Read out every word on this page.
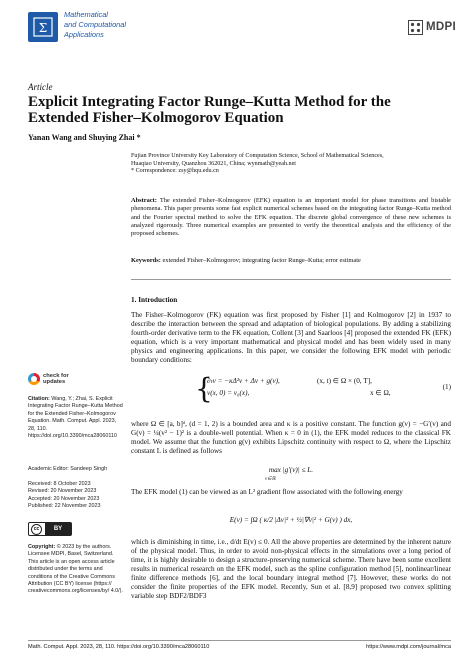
Σ
Mathematical
and Computational
Applications
MDPI
Article
Explicit Integrating Factor Runge–Kutta Method for the Extended Fisher–Kolmogorov Equation
Yanan Wang and Shuying Zhai *
Fujian Province University Key Laboratory of Computation Science, School of Mathematical Sciences,
Huaqiao University, Quanzhou 362021, China; wynmath@yeah.net
* Correspondence: zsy@hqu.edu.cn
Abstract: The extended Fisher–Kolmogorov (EFK) equation is an important model for phase transitions and bistable phenomena. This paper presents some fast explicit numerical schemes based on the integrating factor Runge–Kutta method and the Fourier spectral method to solve the EFK equation. The discrete global convergence of these new schemes is analyzed rigorously. Three numerical examples are presented to verify the theoretical analysis and the efficiency of the proposed schemes.
Keywords: extended Fisher–Kolmogorov; integrating factor Runge–Kutta; error estimate
1. Introduction
The Fisher–Kolmogorov (FK) equation was first proposed by Fisher [1] and Kolmogorov [2] in 1937 to describe the interaction between the spread and adaptation of biological populations. By adding a stabilizing fourth-order derivative term to the FK equation, Collent [3] and Saarloos [4] proposed the extended FK (EFK) equation, which is a very important mathematical and physical model and has been widely used in many physics and engineering applications. In this paper, we consider the following EFK model with periodic boundary conditions:
{
∂ₜv = −κΔ²v + Δv + g(v),	(x, t) ∈ Ω × (0, T],
v(x, 0) = v₀(x),	x ∈ Ω,
(1)
where Ω ∈ [a, b]ᵈ, (d = 1, 2) is a bounded area and κ is a positive constant. The function g(v) = −G′(v) and G(v) = ¼(v² − 1)² is a double-well potential. When κ = 0 in (1), the EFK model reduces to the classical FK model. We assume that the function g(v) exhibits Lipschitz continuity with respect to Ω, where the Lipschitz constant L is defined as follows
max |g′(v)| ≤ L.
v∈ℝ
The EFK model (1) can be viewed as an L² gradient flow associated with the following energy
E(v) = ∫Ω ( κ/2 |Δv|² + ½|∇v|² + G(v) ) dx,
which is diminishing in time, i.e., d/dt E(v) ≤ 0. All the above properties are determined by the inherent nature of the physical model. Thus, in order to avoid non-physical effects in the simulations over a long period of time, it is highly desirable to design a structure-preserving numerical scheme. There have been some excellent results in numerical research on the EFK model, such as the spline configuration method [5], nonlinear/linear finite difference methods [6], and the local boundary integral method [7]. However, these works do not consider the finite properties of the EFK model. Recently, Sun et al. [8,9] proposed two convex splitting variable step BDF2/BDF3
check for
updates
Citation: Wang, Y.; Zhai, S. Explicit Integrating Factor Runge–Kutta Method for the Extended Fisher–Kolmogorov Equation. Math. Comput. Appl. 2023, 28, 110. https://doi.org/10.3390/mca28060110
Academic Editor: Sandeep Singh
Received: 8 October 2023
Revised: 20 November 2023
Accepted: 20 November 2023
Published: 22 November 2023
cc	BY
Copyright: © 2023 by the authors. Licensee MDPI, Basel, Switzerland. This article is an open access article distributed under the terms and conditions of the Creative Commons Attribution (CC BY) license (https:// creativecommons.org/licenses/by/ 4.0/).
Math. Comput. Appl. 2023, 28, 110. https://doi.org/10.3390/mca28060110	https://www.mdpi.com/journal/mca
